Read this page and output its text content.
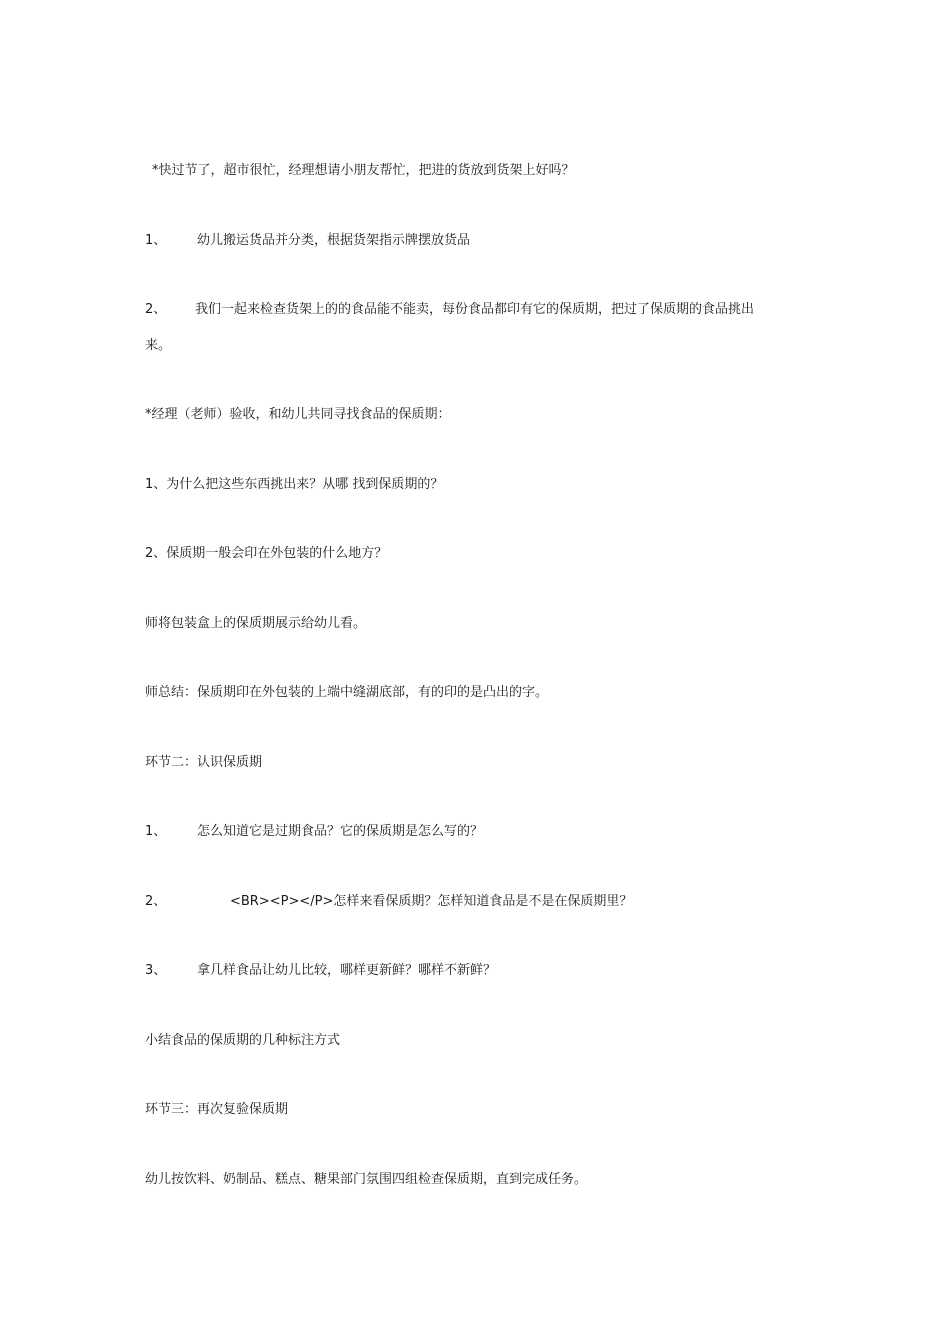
*快过节了，超市很忙，经理想请小朋友帮忙，把进的货放到货架上好吗？
1、 幼儿搬运货品并分类，根据货架指示牌摆放货品
2、 我们一起来检查货架上的的食品能不能卖，每份食品都印有它的保质期，把过了保质期的食品挑出
来。
*经理（老师）验收，和幼儿共同寻找食品的保质期：
1、为什么把这些东西挑出来？从哪 找到保质期的？
2、保质期一般会印在外包装的什么地方？
师将包装盒上的保质期展示给幼儿看。
师总结：保质期印在外包装的上端中缝湖底部，有的印的是凸出的字。
环节二：认识保质期
1、 怎么知道它是过期食品？它的保质期是怎么写的？
2、	<BR><P></P>怎样来看保质期？怎样知道食品是不是在保质期里？
3、 拿几样食品让幼儿比较，哪样更新鲜？哪样不新鲜？
小结食品的保质期的几种标注方式
环节三：再次复验保质期
幼儿按饮料、奶制品、糕点、糖果部门氛围四组检查保质期，直到完成任务。
